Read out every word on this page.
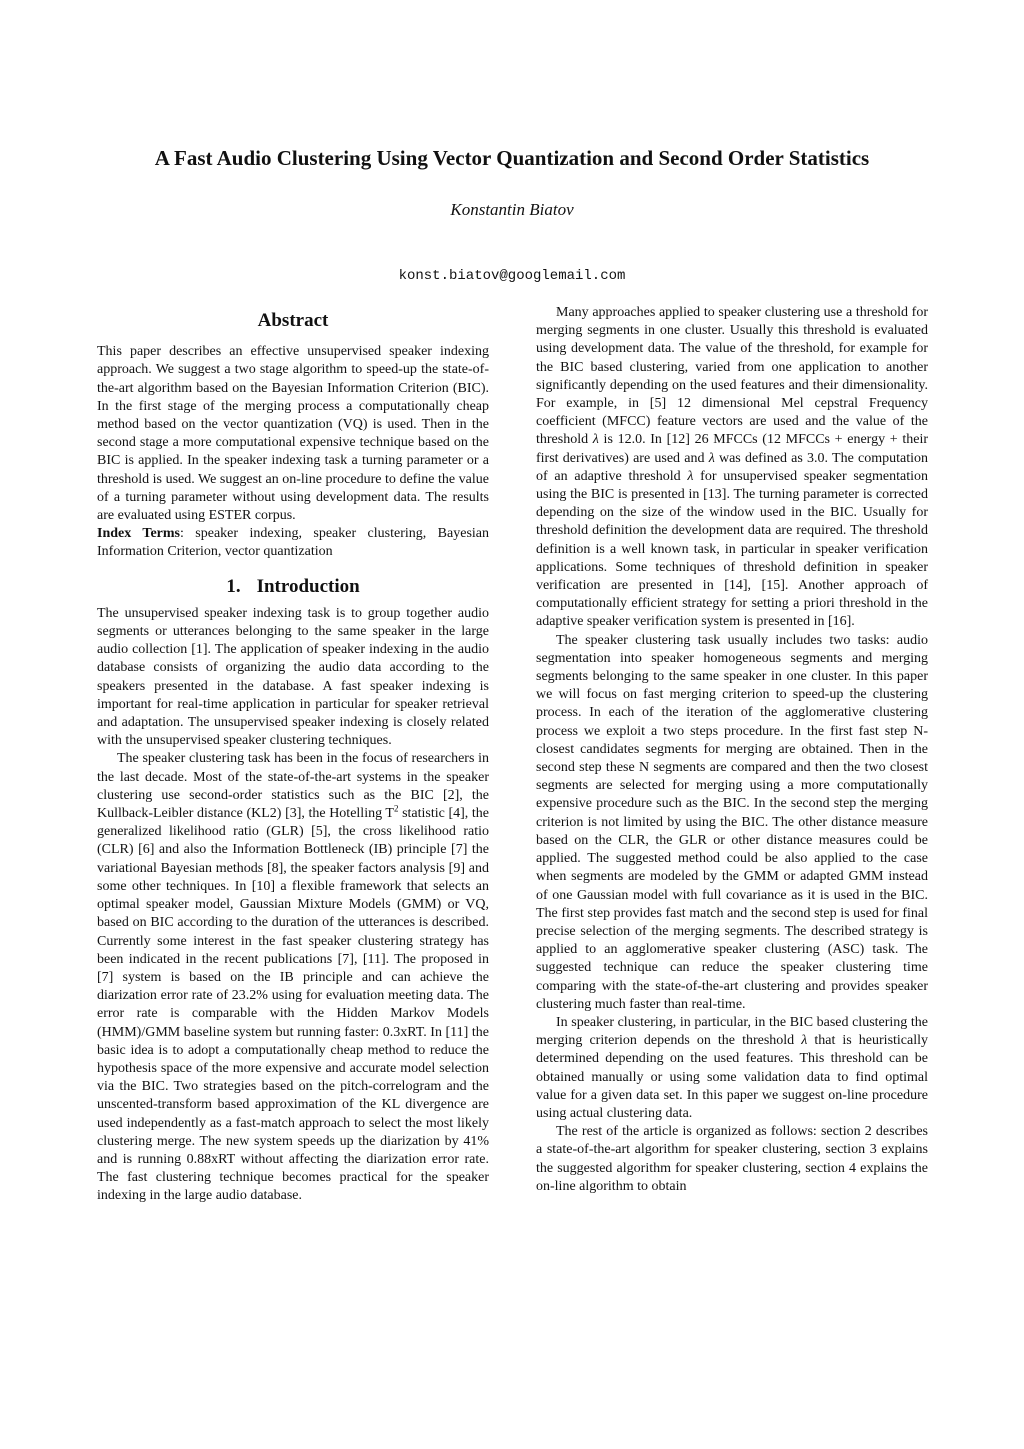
A Fast Audio Clustering Using Vector Quantization and Second Order Statistics
Konstantin Biatov
konst.biatov@googlemail.com
Abstract

This paper describes an effective unsupervised speaker indexing approach. We suggest a two stage algorithm to speed-up the state-of-the-art algorithm based on the Bayesian Information Criterion (BIC). In the first stage of the merging process a computationally cheap method based on the vector quantization (VQ) is used. Then in the second stage a more computational expensive technique based on the BIC is applied. In the speaker indexing task a turning parameter or a threshold is used. We suggest an on-line procedure to define the value of a turning parameter without using development data. The results are evaluated using ESTER corpus.

Index Terms: speaker indexing, speaker clustering, Bayesian Information Criterion, vector quantization

1. Introduction

The unsupervised speaker indexing task is to group together audio segments or utterances belonging to the same speaker in the large audio collection [1]. The application of speaker indexing in the audio database consists of organizing the audio data according to the speakers presented in the database. A fast speaker indexing is important for real-time application in particular for speaker retrieval and adaptation. The unsupervised speaker indexing is closely related with the unsupervised speaker clustering techniques.

The speaker clustering task has been in the focus of researchers in the last decade. Most of the state-of-the-art systems in the speaker clustering use second-order statistics such as the BIC [2], the Kullback-Leibler distance (KL2) [3], the Hotelling $T^2$ statistic [4], the generalized likelihood ratio (GLR) [5], the cross likelihood ratio (CLR) [6] and also the Information Bottleneck (IB) principle [7] the variational Bayesian methods [8], the speaker factors analysis [9] and some other techniques. In [10] a flexible framework that selects an optimal speaker model, Gaussian Mixture Models (GMM) or VQ, based on BIC according to the duration of the utterances is described. Currently some interest in the fast speaker clustering strategy has been indicated in the recent publications [7], [11]. The proposed in [7] system is based on the IB principle and can achieve the diarization error rate of 23.2% using for evaluation meeting data. The error rate is comparable with the Hidden Markov Models (HMM)/GMM baseline system but running faster: 0.3xRT. In [11] the basic idea is to adopt a computationally cheap method to reduce the hypothesis space of the more expensive and accurate model selection via the BIC. Two strategies based on the pitch-correlogram and the unscented-transform based approximation of the KL divergence are used independently as a fast-match approach to select the most likely clustering merge. The new system speeds up the diarization by 41% and is running 0.88xRT without affecting the diarization error rate. The fast clustering technique becomes practical for the speaker indexing in the large audio database.

Many approaches applied to speaker clustering use a threshold for merging segments in one cluster. Usually this threshold is evaluated using development data. The value of the threshold, for example for the BIC based clustering, varied from one application to another significantly depending on the used features and their dimensionality. For example, in [5] 12 dimensional Mel cepstral Frequency coefficient (MFCC) feature vectors are used and the value of the threshold λ is 12.0. In [12] 26 MFCCs (12 MFCCs + energy + their first derivatives) are used and λ was defined as 3.0. The computation of an adaptive threshold λ for unsupervised speaker segmentation using the BIC is presented in [13]. The turning parameter is corrected depending on the size of the window used in the BIC. Usually for threshold definition the development data are required. The threshold definition is a well known task, in particular in speaker verification applications. Some techniques of threshold definition in speaker verification are presented in [14], [15]. Another approach of computationally efficient strategy for setting a priori threshold in the adaptive speaker verification system is presented in [16].

The speaker clustering task usually includes two tasks: audio segmentation into speaker homogeneous segments and merging segments belonging to the same speaker in one cluster. In this paper we will focus on fast merging criterion to speed-up the clustering process. In each of the iteration of the agglomerative clustering process we exploit a two steps procedure. In the first fast step N-closest candidates segments for merging are obtained. Then in the second step these N segments are compared and then the two closest segments are selected for merging using a more computationally expensive procedure such as the BIC. In the second step the merging criterion is not limited by using the BIC. The other distance measure based on the CLR, the GLR or other distance measures could be applied. The suggested method could be also applied to the case when segments are modeled by the GMM or adapted GMM instead of one Gaussian model with full covariance as it is used in the BIC. The first step provides fast match and the second step is used for final precise selection of the merging segments. The described strategy is applied to an agglomerative speaker clustering (ASC) task. The suggested technique can reduce the speaker clustering time comparing with the state-of-the-art clustering and provides speaker clustering much faster than real-time.

In speaker clustering, in particular, in the BIC based clustering the merging criterion depends on the threshold λ that is heuristically determined depending on the used features. This threshold can be obtained manually or using some validation data to find optimal value for a given data set. In this paper we suggest on-line procedure using actual clustering data.

The rest of the article is organized as follows: section 2 describes a state-of-the-art algorithm for speaker clustering, section 3 explains the suggested algorithm for speaker clustering, section 4 explains the on-line algorithm to obtain
